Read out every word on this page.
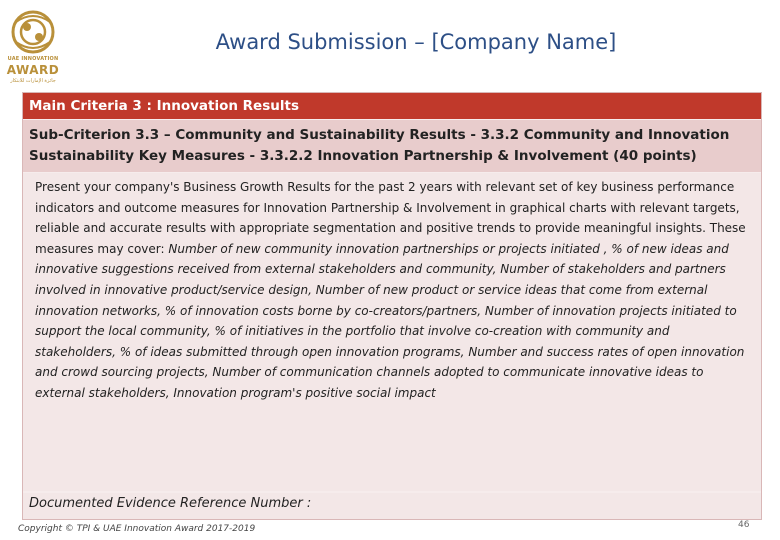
UAE INNOVATION
AWARD
جائزة الإمارات للابتكار
Award Submission – [Company Name]
Main Criteria 3 : Innovation Results
Sub-Criterion 3.3 – Community and Sustainability Results - 3.3.2 Community and Innovation Sustainability Key Measures - 3.3.2.2 Innovation Partnership & Involvement (40 points)
Present your company's Business Growth Results for the past 2 years with relevant set of key business performance indicators and outcome measures for Innovation Partnership & Involvement in graphical charts with relevant targets, reliable and accurate results with appropriate segmentation and positive trends to provide meaningful insights. These measures may cover: Number of new community innovation partnerships or projects initiated , % of new ideas and innovative suggestions received from external stakeholders and community, Number of stakeholders and partners involved in innovative product/service design, Number of new product or service ideas that come from external innovation networks, % of innovation costs borne by co-creators/partners, Number of innovation projects initiated to support the local community, % of initiatives in the portfolio that involve co-creation with community and stakeholders, % of ideas submitted through open innovation programs, Number and success rates of open innovation and crowd sourcing projects, Number of communication channels adopted to communicate innovative ideas to external stakeholders, Innovation program's positive social impact
Documented Evidence Reference Number :
Copyright © TPI & UAE Innovation Award 2017-2019	46
